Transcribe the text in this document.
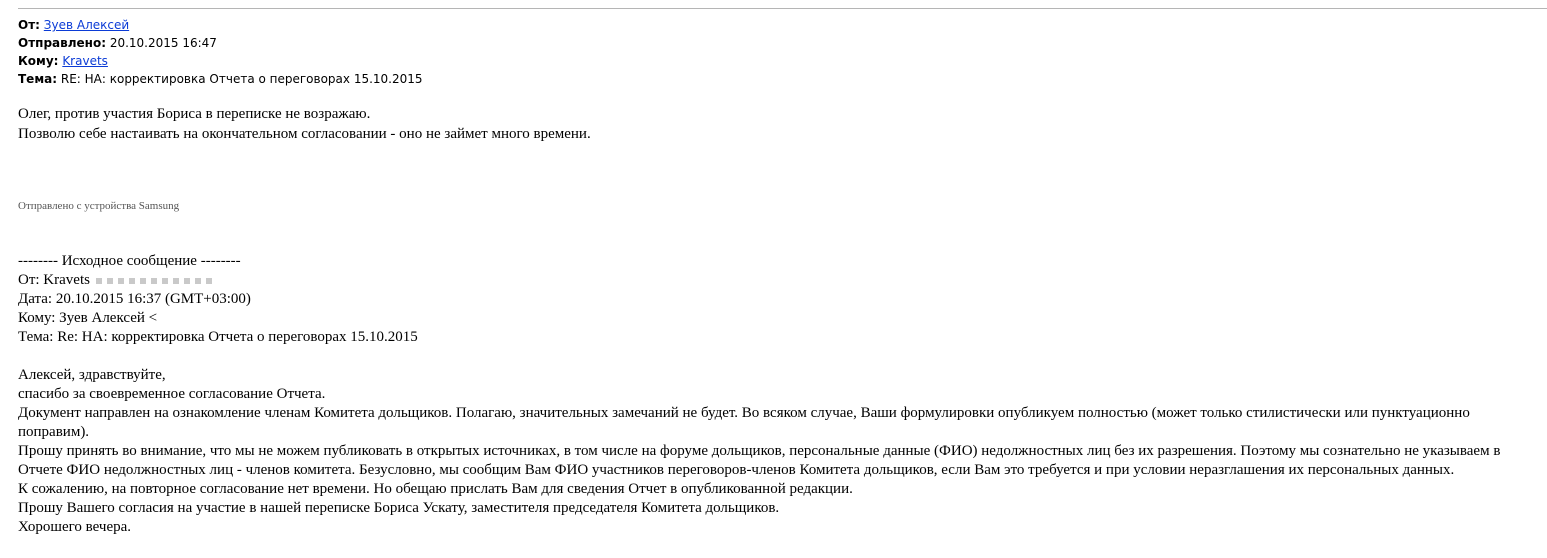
От: Зуев Алексей
Отправлено: 20.10.2015 16:47
Кому: Kravets
Тема: RE: НА: корректировка Отчета о переговорах 15.10.2015
Олег, против участия Бориса в переписке не возражаю.
Позволю себе настаивать на окончательном согласовании - оно не займет много времени.
Отправлено с устройства Samsung
-------- Исходное сообщение --------
От: Kravets
Дата: 20.10.2015 16:37 (GMT+03:00)
Кому: Зуев Алексей <
Тема: Re: НА: корректировка Отчета о переговорах 15.10.2015
Алексей, здравствуйте,
спасибо за своевременное согласование Отчета.
Документ направлен на ознакомление членам Комитета дольщиков. Полагаю, значительных замечаний не будет. Во всяком случае, Ваши формулировки опубликуем полностью (может только стилистически или пунктуационно поправим).
Прошу принять во внимание, что мы не можем публиковать в открытых источниках, в том числе на форуме дольщиков, персональные данные (ФИО) недолжностных лиц без их разрешения. Поэтому мы сознательно не указываем в Отчете ФИО недолжностных лиц - членов комитета. Безусловно, мы сообщим Вам ФИО участников переговоров-членов Комитета дольщиков, если Вам это требуется и при условии неразглашения их персональных данных.
К сожалению, на повторное согласование нет времени. Но обещаю прислать Вам для сведения Отчет в опубликованной редакции.
Прошу Вашего согласия на участие в нашей переписке Бориса Ускату, заместителя председателя Комитета дольщиков.
Хорошего вечера.
